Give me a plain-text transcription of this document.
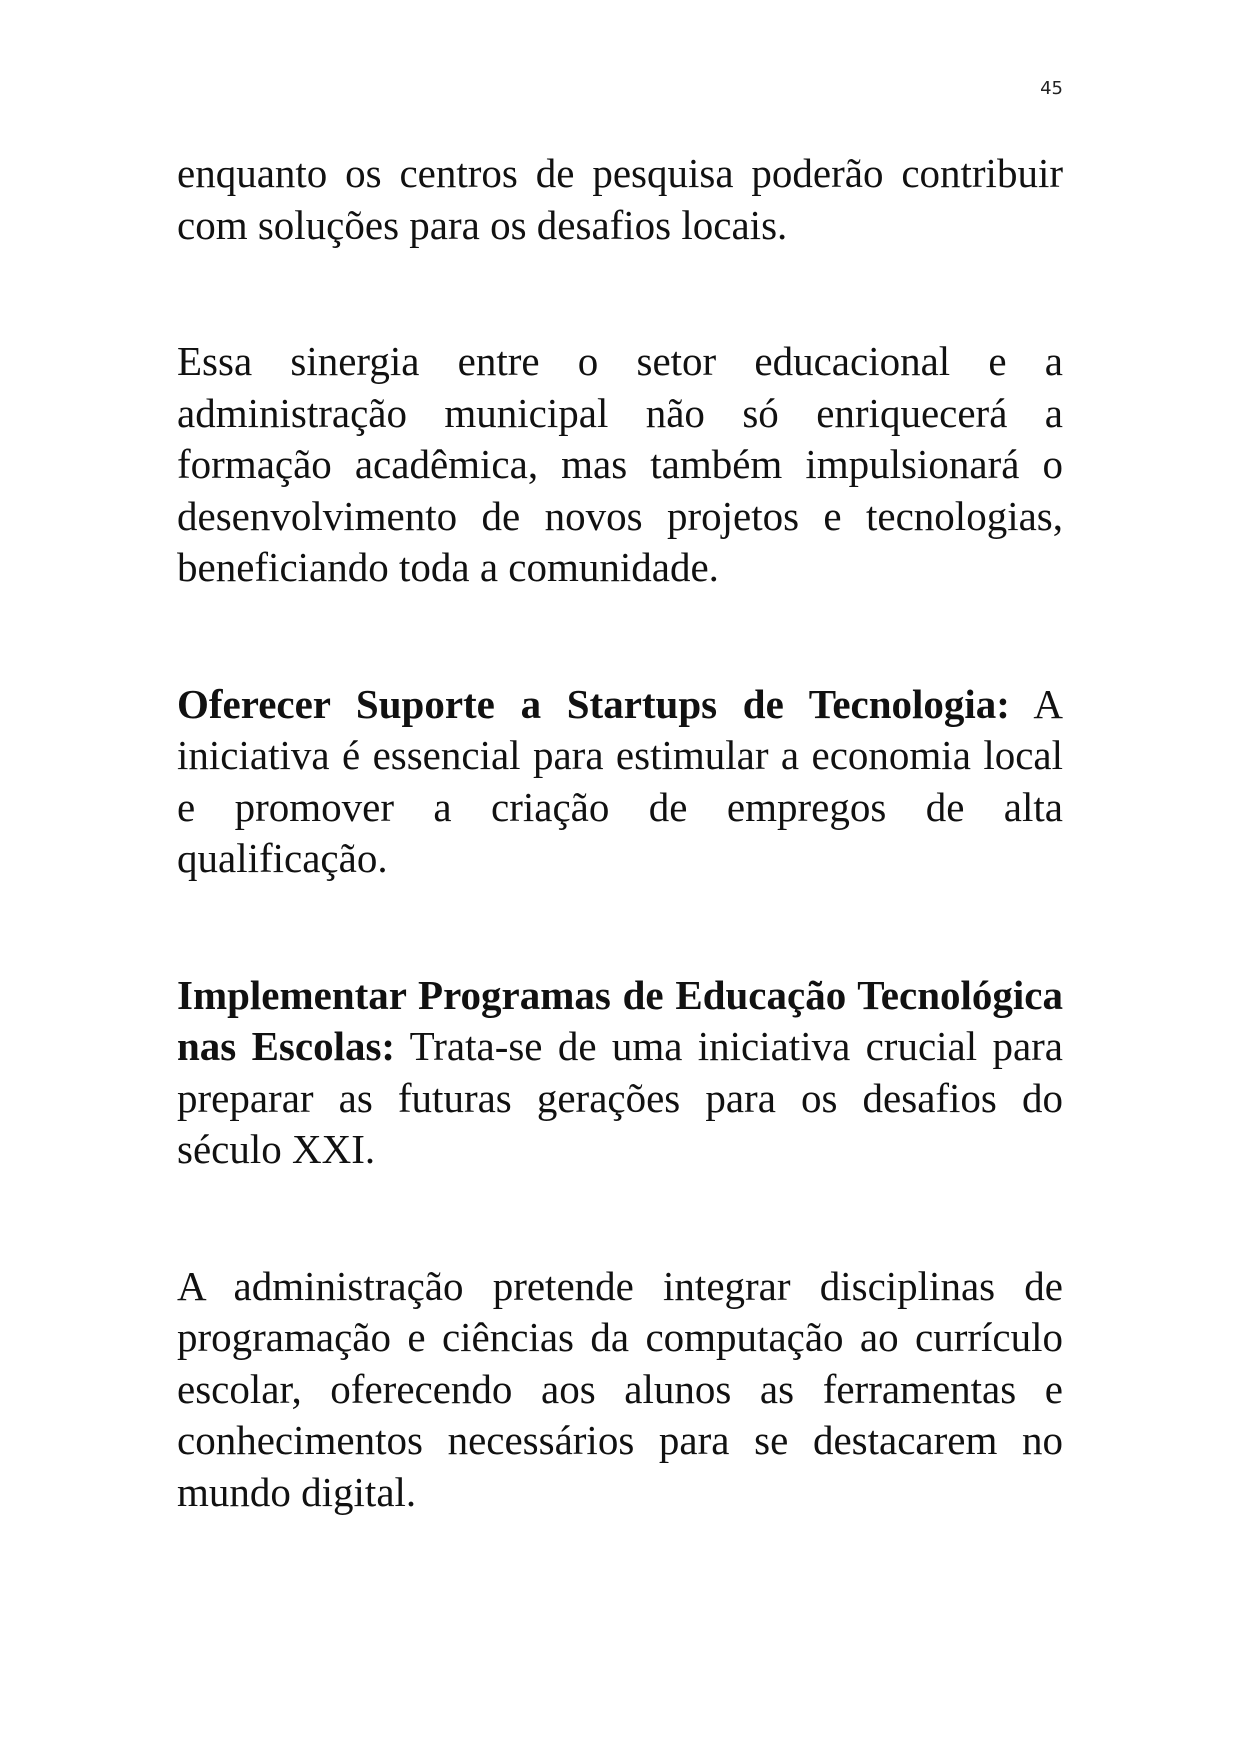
45

enquanto os centros de pesquisa poderão contribuir com soluções para os desafios locais.

Essa sinergia entre o setor educacional e a administração municipal não só enriquecerá a formação acadêmica, mas também impulsionará o desenvolvimento de novos projetos e tecnologias, beneficiando toda a comunidade.

Oferecer Suporte a Startups de Tecnologia: A iniciativa é essencial para estimular a economia local e promover a criação de empregos de alta qualificação.

Implementar Programas de Educação Tecnológica nas Escolas: Trata-se de uma iniciativa crucial para preparar as futuras gerações para os desafios do século XXI.

A administração pretende integrar disciplinas de programação e ciências da computação ao currículo escolar, oferecendo aos alunos as ferramentas e conhecimentos necessários para se destacarem no mundo digital.
